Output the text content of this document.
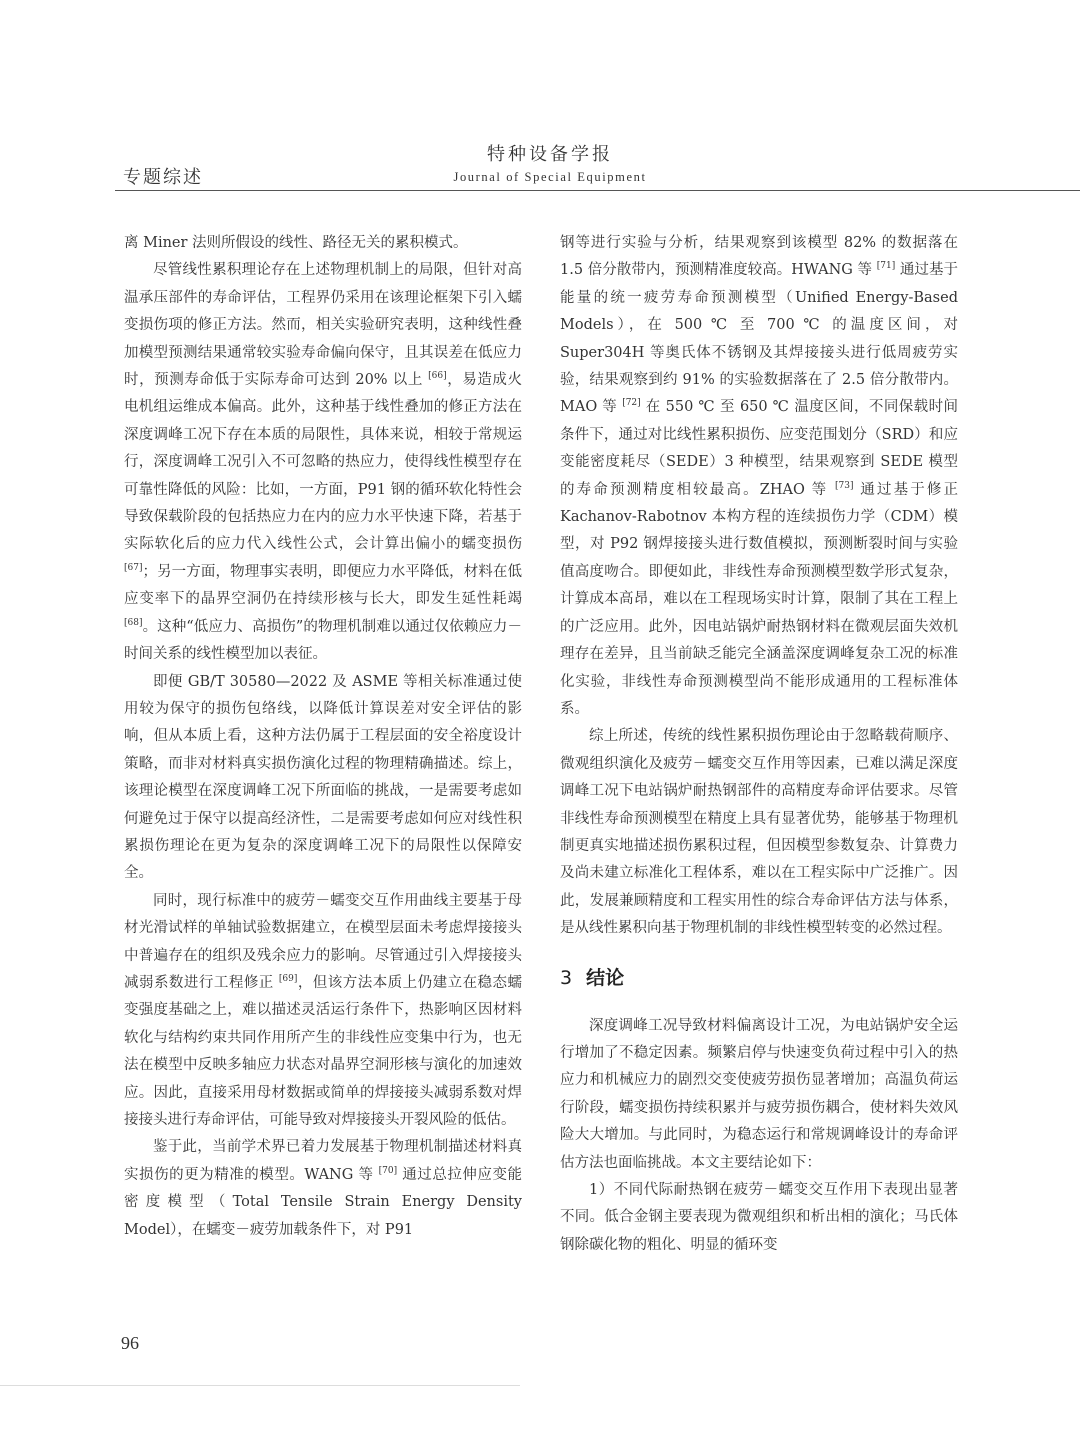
特种设备学报
Journal of Special Equipment
专题综述

离 Miner 法则所假设的线性、路径无关的累积模式。

尽管线性累积理论存在上述物理机制上的局限，但针对高温承压部件的寿命评估，工程界仍采用在该理论框架下引入蠕变损伤项的修正方法。然而，相关实验研究表明，这种线性叠加模型预测结果通常较实验寿命偏向保守，且其误差在低应力时，预测寿命低于实际寿命可达到 20% 以上 [66]，易造成火电机组运维成本偏高。此外，这种基于线性叠加的修正方法在深度调峰工况下存在本质的局限性，具体来说，相较于常规运行，深度调峰工况引入不可忽略的热应力，使得线性模型存在可靠性降低的风险：比如，一方面，P91 钢的循环软化特性会导致保载阶段的包括热应力在内的应力水平快速下降，若基于实际软化后的应力代入线性公式，会计算出偏小的蠕变损伤 [67]；另一方面，物理事实表明，即便应力水平降低，材料在低应变率下的晶界空洞仍在持续形核与长大，即发生延性耗竭 [68]。这种“低应力、高损伤”的物理机制难以通过仅依赖应力－时间关系的线性模型加以表征。

即便 GB/T 30580—2022 及 ASME 等相关标准通过使用较为保守的损伤包络线，以降低计算误差对安全评估的影响，但从本质上看，这种方法仍属于工程层面的安全裕度设计策略，而非对材料真实损伤演化过程的物理精确描述。综上，该理论模型在深度调峰工况下所面临的挑战，一是需要考虑如何避免过于保守以提高经济性，二是需要考虑如何应对线性积累损伤理论在更为复杂的深度调峰工况下的局限性以保障安全。

同时，现行标准中的疲劳－蠕变交互作用曲线主要基于母材光滑试样的单轴试验数据建立，在模型层面未考虑焊接接头中普遍存在的组织及残余应力的影响。尽管通过引入焊接接头减弱系数进行工程修正 [69]，但该方法本质上仍建立在稳态蠕变强度基础之上，难以描述灵活运行条件下，热影响区因材料软化与结构约束共同作用所产生的非线性应变集中行为，也无法在模型中反映多轴应力状态对晶界空洞形核与演化的加速效应。因此，直接采用母材数据或简单的焊接接头减弱系数对焊接接头进行寿命评估，可能导致对焊接接头开裂风险的低估。

鉴于此，当前学术界已着力发展基于物理机制描述材料真实损伤的更为精准的模型。WANG 等 [70] 通过总拉伸应变能密度模型（Total Tensile Strain Energy Density Model），在蠕变－疲劳加载条件下，对 P91

钢等进行实验与分析，结果观察到该模型 82% 的数据落在 1.5 倍分散带内，预测精准度较高。HWANG 等 [71] 通过基于能量的统一疲劳寿命预测模型（Unified Energy-Based Models），在 500 ℃ 至 700 ℃ 的温度区间，对 Super304H 等奥氏体不锈钢及其焊接接头进行低周疲劳实验，结果观察到约 91% 的实验数据落在了 2.5 倍分散带内。MAO 等 [72] 在 550 ℃ 至 650 ℃ 温度区间，不同保载时间条件下，通过对比线性累积损伤、应变范围划分（SRD）和应变能密度耗尽（SEDE）3 种模型，结果观察到 SEDE 模型的寿命预测精度相较最高。ZHAO 等 [73] 通过基于修正 Kachanov-Rabotnov 本构方程的连续损伤力学（CDM）模型，对 P92 钢焊接接头进行数值模拟，预测断裂时间与实验值高度吻合。即便如此，非线性寿命预测模型数学形式复杂，计算成本高昂，难以在工程现场实时计算，限制了其在工程上的广泛应用。此外，因电站锅炉耐热钢材料在微观层面失效机理存在差异，且当前缺乏能完全涵盖深度调峰复杂工况的标准化实验，非线性寿命预测模型尚不能形成通用的工程标准体系。

综上所述，传统的线性累积损伤理论由于忽略载荷顺序、微观组织演化及疲劳－蠕变交互作用等因素，已难以满足深度调峰工况下电站锅炉耐热钢部件的高精度寿命评估要求。尽管非线性寿命预测模型在精度上具有显著优势，能够基于物理机制更真实地描述损伤累积过程，但因模型参数复杂、计算费力及尚未建立标准化工程体系，难以在工程实际中广泛推广。因此，发展兼顾精度和工程实用性的综合寿命评估方法与体系，是从线性累积向基于物理机制的非线性模型转变的必然过程。

3 结论

深度调峰工况导致材料偏离设计工况，为电站锅炉安全运行增加了不稳定因素。频繁启停与快速变负荷过程中引入的热应力和机械应力的剧烈交变使疲劳损伤显著增加；高温负荷运行阶段，蠕变损伤持续积累并与疲劳损伤耦合，使材料失效风险大大增加。与此同时，为稳态运行和常规调峰设计的寿命评估方法也面临挑战。本文主要结论如下：

1）不同代际耐热钢在疲劳－蠕变交互作用下表现出显著不同。低合金钢主要表现为微观组织和析出相的演化；马氏体钢除碳化物的粗化、明显的循环变

96
